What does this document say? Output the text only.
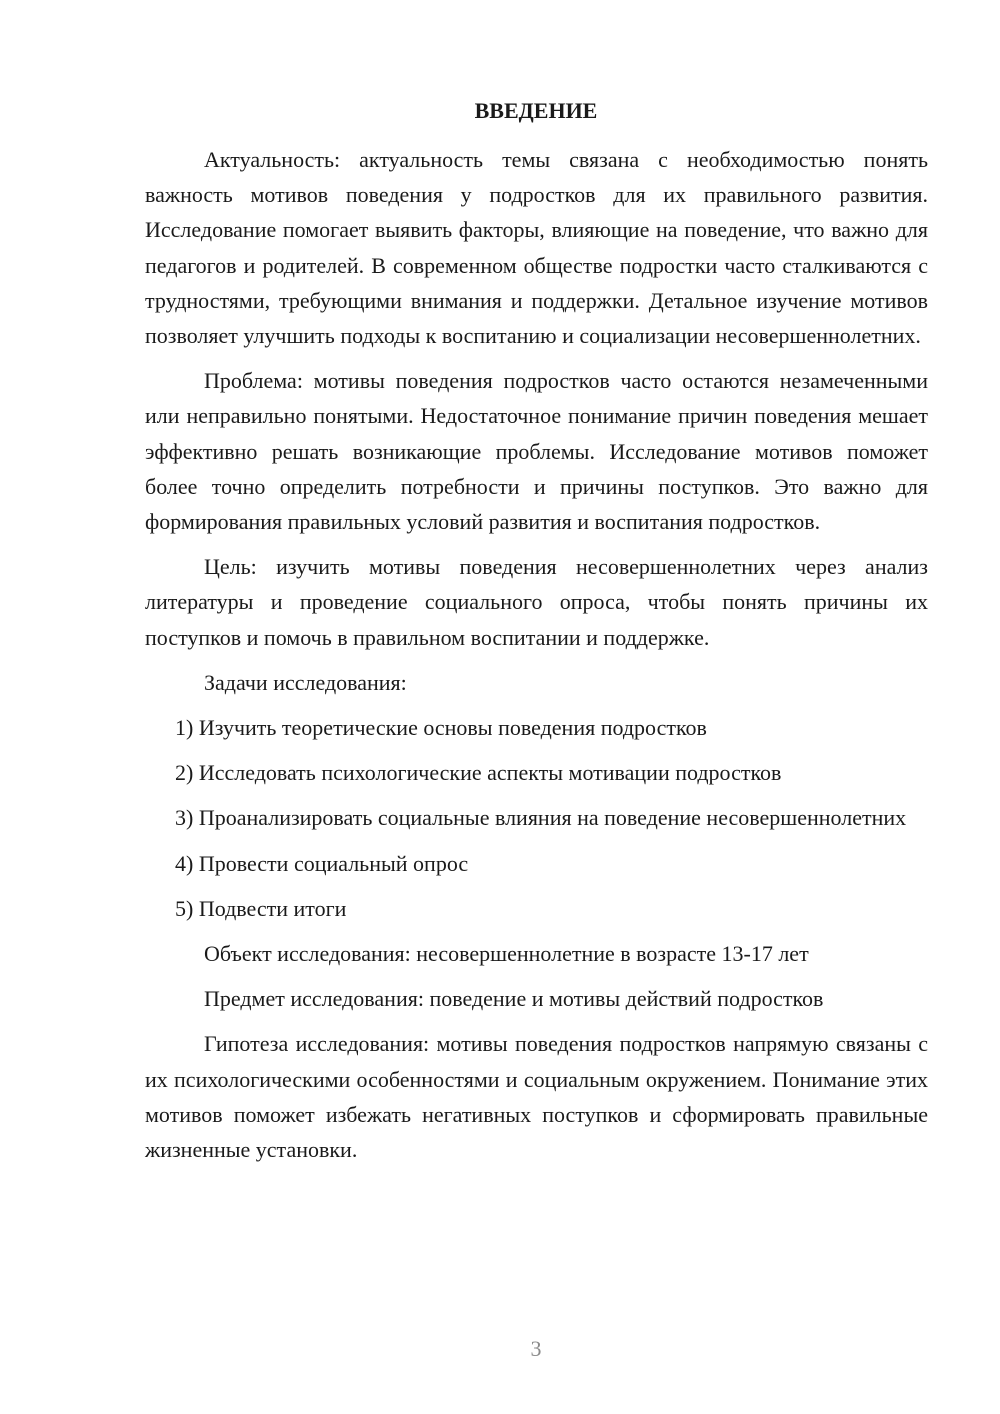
ВВЕДЕНИЕ

Актуальность: актуальность темы связана с необходимостью понять важность мотивов поведения у подростков для их правильного развития. Исследование помогает выявить факторы, влияющие на поведение, что важно для педагогов и родителей. В современном обществе подростки часто сталкиваются с трудностями, требующими внимания и поддержки. Детальное изучение мотивов позволяет улучшить подходы к воспитанию и социализации несовершеннолетних.

Проблема: мотивы поведения подростков часто остаются незамеченными или неправильно понятыми. Недостаточное понимание причин поведения мешает эффективно решать возникающие проблемы. Исследование мотивов поможет более точно определить потребности и причины поступков. Это важно для формирования правильных условий развития и воспитания подростков.

Цель: изучить мотивы поведения несовершеннолетних через анализ литературы и проведение социального опроса, чтобы понять причины их поступков и помочь в правильном воспитании и поддержке.

Задачи исследования:

1) Изучить теоретические основы поведения подростков

2) Исследовать психологические аспекты мотивации подростков

3) Проанализировать социальные влияния на поведение несовершеннолетних

4) Провести социальный опрос

5) Подвести итоги

Объект исследования: несовершеннолетние в возрасте 13-17 лет

Предмет исследования: поведение и мотивы действий подростков

Гипотеза исследования: мотивы поведения подростков напрямую связаны с их психологическими особенностями и социальным окружением. Понимание этих мотивов поможет избежать негативных поступков и сформировать правильные жизненные установки.

3
